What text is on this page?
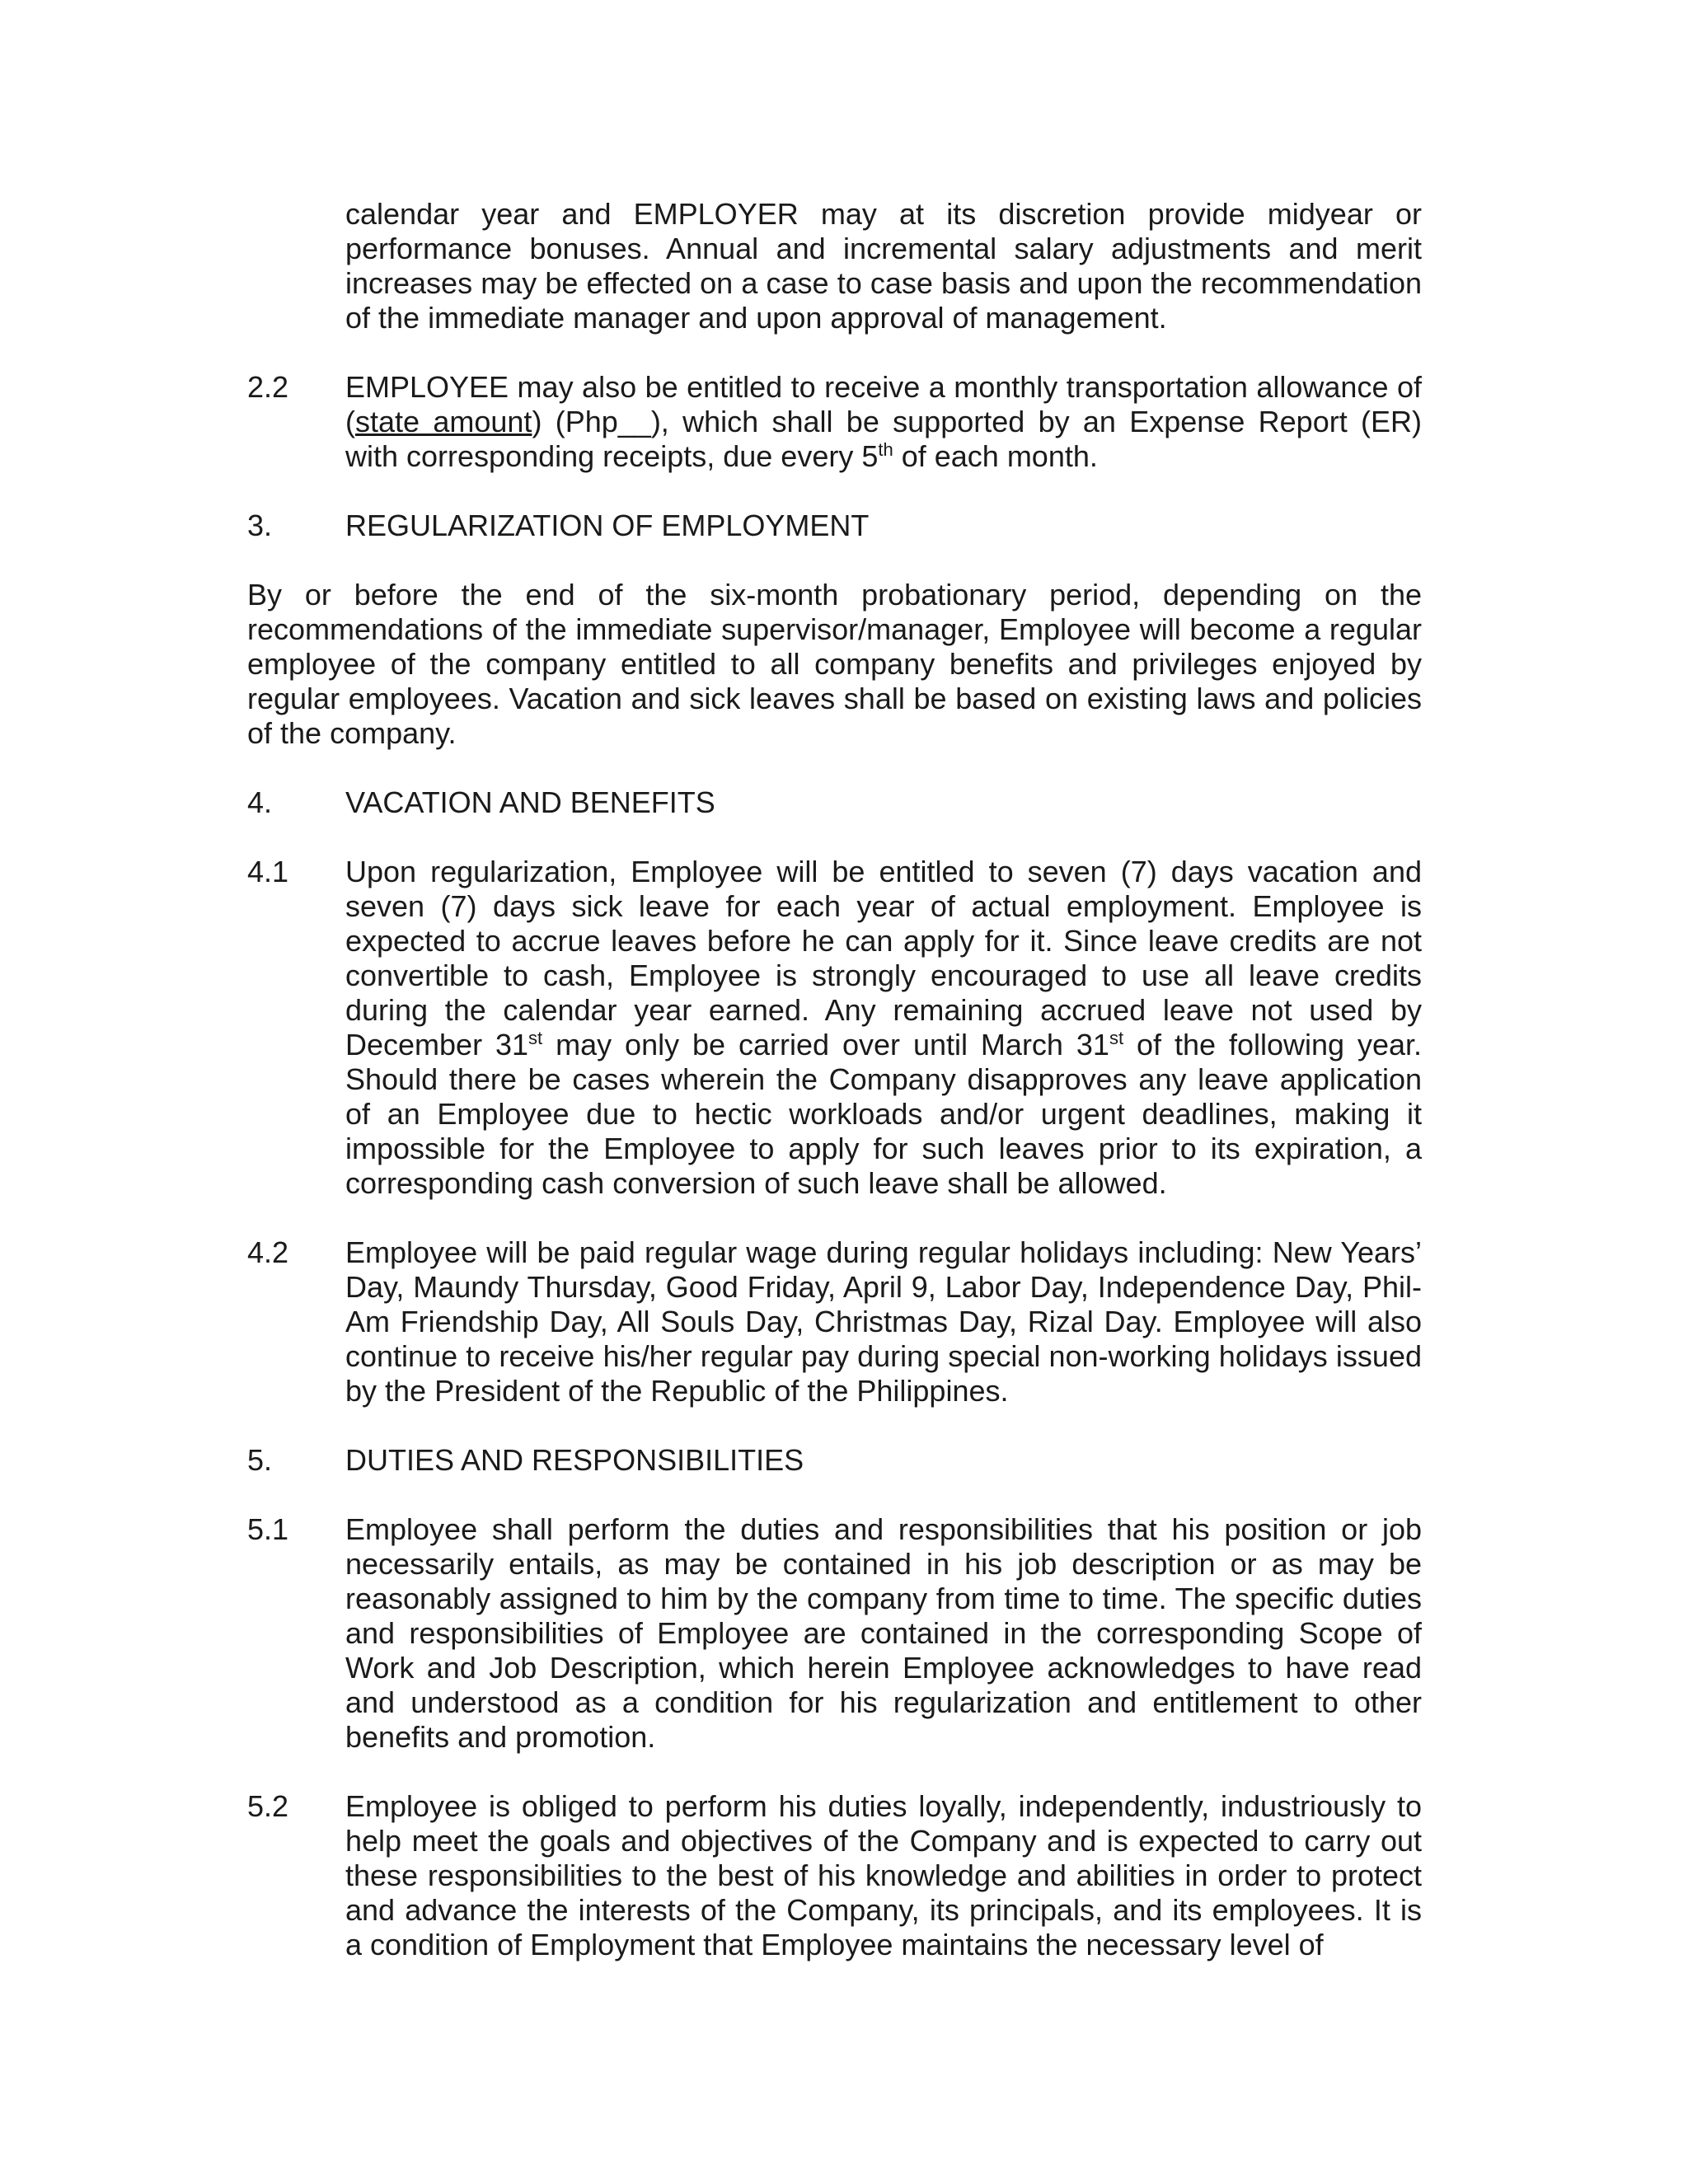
calendar year and EMPLOYER may at its discretion provide midyear or performance bonuses. Annual and incremental salary adjustments and merit increases may be effected on a case to case basis and upon the recommendation of the immediate manager and upon approval of management.

2.2 EMPLOYEE may also be entitled to receive a monthly transportation allowance of (state amount) (Php__), which shall be supported by an Expense Report (ER) with corresponding receipts, due every 5th of each month.

3. REGULARIZATION OF EMPLOYMENT

By or before the end of the six-month probationary period, depending on the recommendations of the immediate supervisor/manager, Employee will become a regular employee of the company entitled to all company benefits and privileges enjoyed by regular employees. Vacation and sick leaves shall be based on existing laws and policies of the company.

4. VACATION AND BENEFITS
4.1 Upon regularization, Employee will be entitled to seven (7) days vacation and seven (7) days sick leave for each year of actual employment. Employee is expected to accrue leaves before he can apply for it. Since leave credits are not convertible to cash, Employee is strongly encouraged to use all leave credits during the calendar year earned. Any remaining accrued leave not used by December 31st may only be carried over until March 31st of the following year. Should there be cases wherein the Company disapproves any leave application of an Employee due to hectic workloads and/or urgent deadlines, making it impossible for the Employee to apply for such leaves prior to its expiration, a corresponding cash conversion of such leave shall be allowed.

4.2 Employee will be paid regular wage during regular holidays including: New Years’ Day, Maundy Thursday, Good Friday, April 9, Labor Day, Independence Day, Phil-Am Friendship Day, All Souls Day, Christmas Day, Rizal Day. Employee will also continue to receive his/her regular pay during special non-working holidays issued by the President of the Republic of the Philippines.

5. DUTIES AND RESPONSIBILITIES
5.1 Employee shall perform the duties and responsibilities that his position or job necessarily entails, as may be contained in his job description or as may be reasonably assigned to him by the company from time to time. The specific duties and responsibilities of Employee are contained in the corresponding Scope of Work and Job Description, which herein Employee acknowledges to have read and understood as a condition for his regularization and entitlement to other benefits and promotion.

5.2 Employee is obliged to perform his duties loyally, independently, industriously to help meet the goals and objectives of the Company and is expected to carry out these responsibilities to the best of his knowledge and abilities in order to protect and advance the interests of the Company, its principals, and its employees. It is a condition of Employment that Employee maintains the necessary level of
